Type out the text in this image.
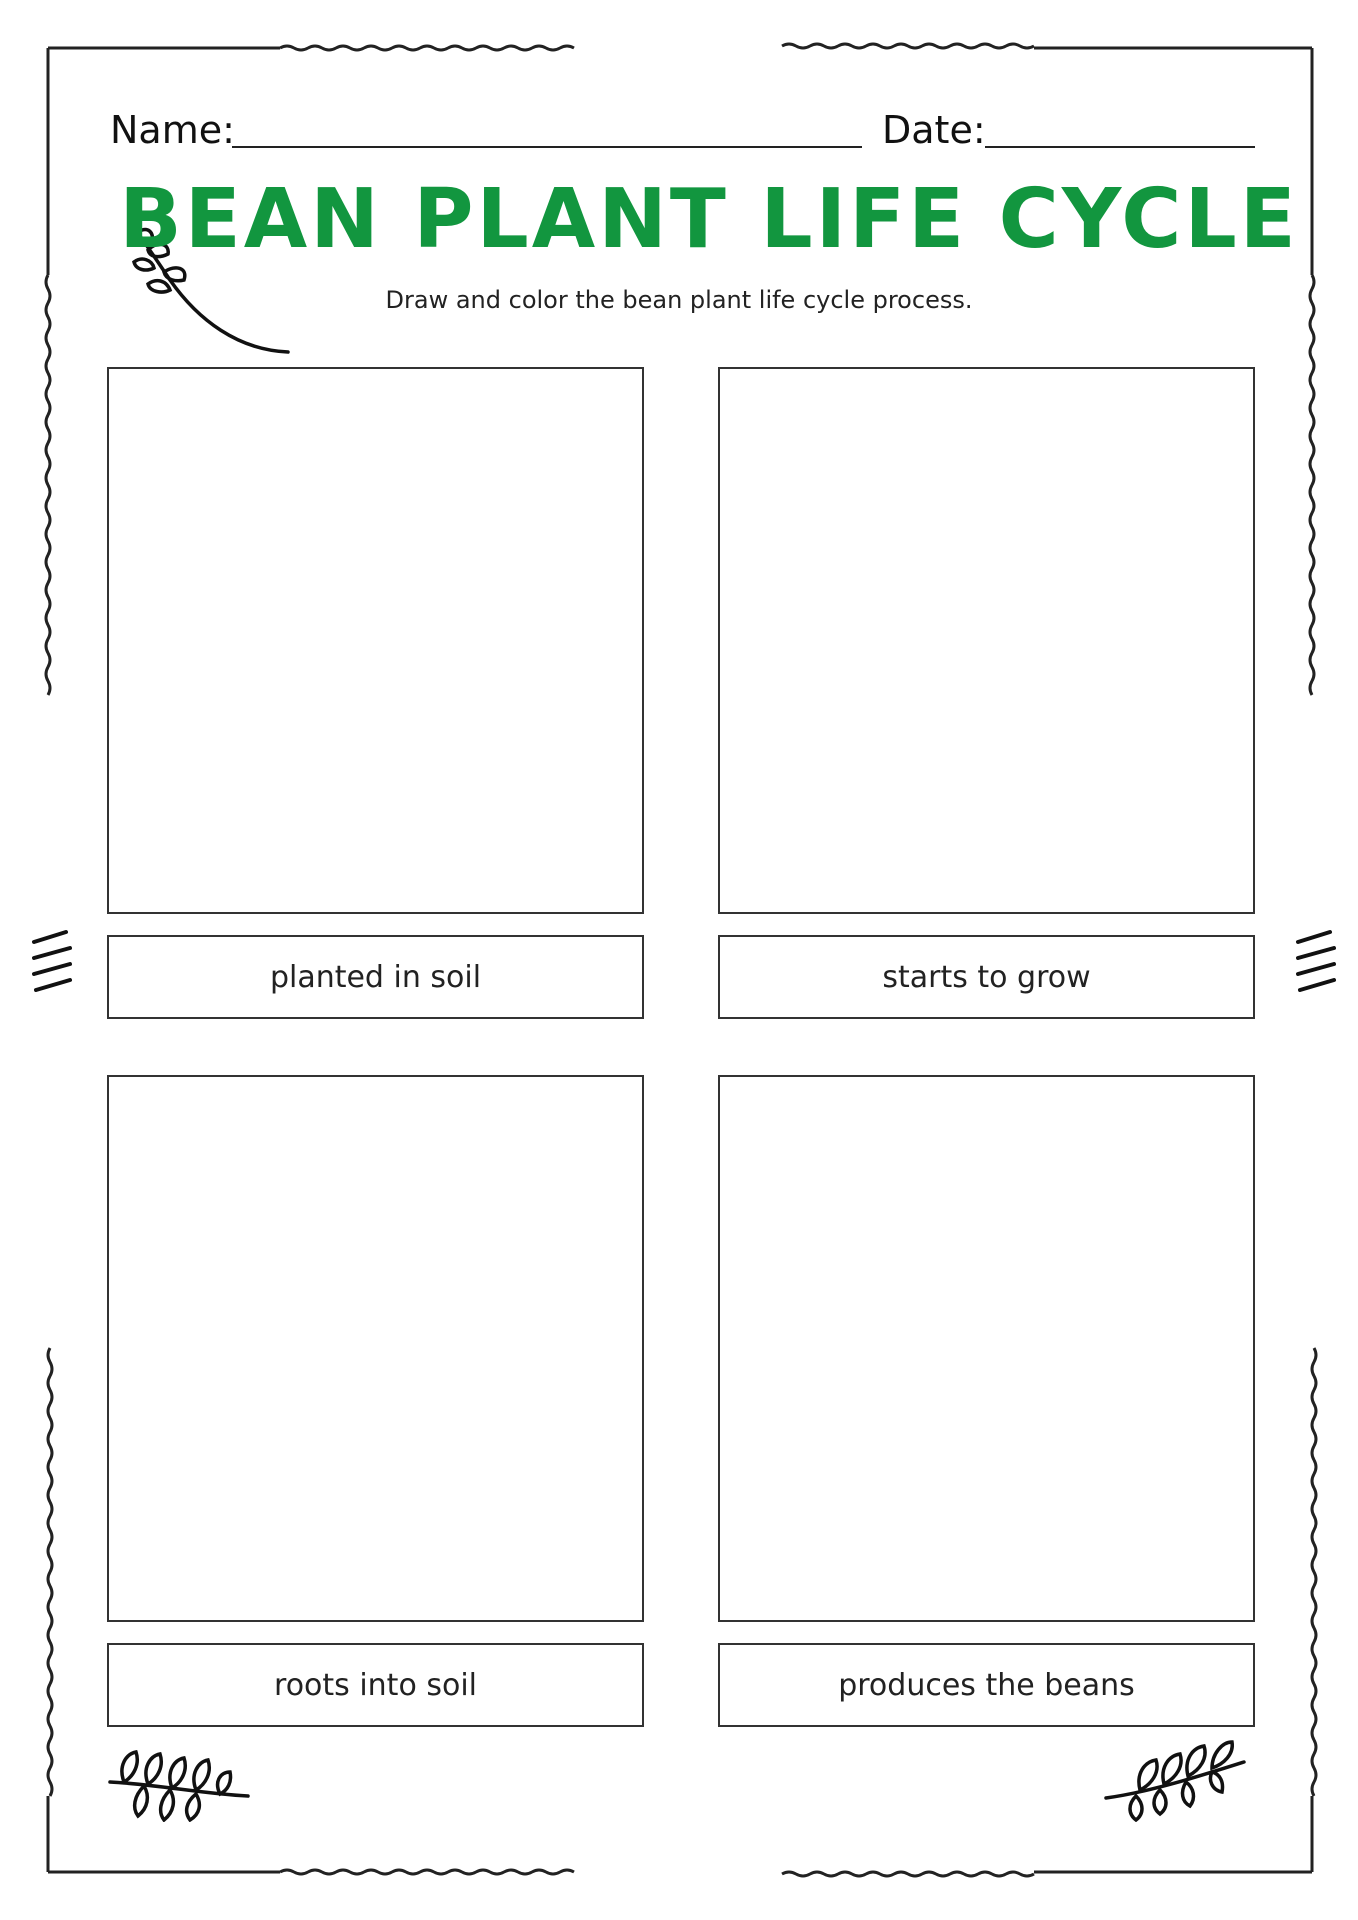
Name:	Date:
BEAN PLANT LIFE CYCLE
Draw and color the bean plant life cycle process.
planted in soil	starts to grow
roots into soil	produces the beans
